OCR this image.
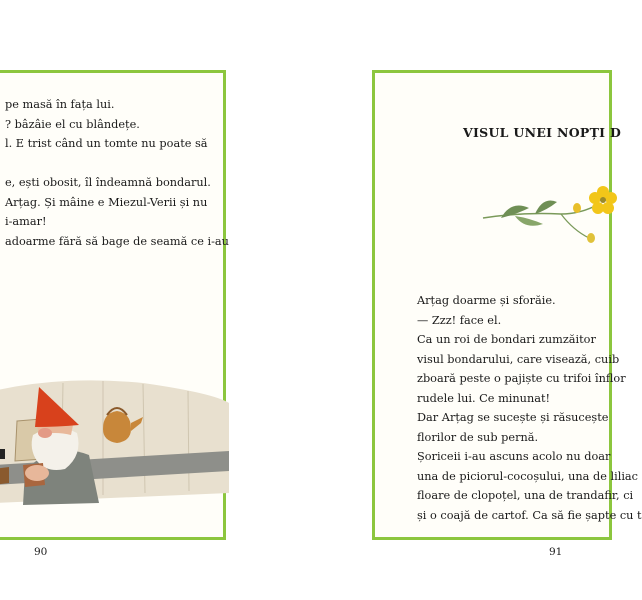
pe masă în fața lui.

? bâzâie el cu blândețe.

l. E trist când un tomte nu poate să

e, ești obosit, îl îndeamnă bondarul.

Arțag. Și mâine e Miezul-Verii și nu

i-amar!

adoarme fără să bage de seamă ce i-au

VISUL UNEI NOPȚI D

Arțag doarme și sforăie.

— Zzz! face el.

Ca un roi de bondari zumzăitor

visul bondarului, care visează, cuib

zboară peste o pajiște cu trifoi înflor

rudele lui. Ce minunat!

Dar Arțag se sucește și răsucește

florilor de sub pernă.

Șoriceii i-au ascuns acolo nu doar

una de piciorul-cocoșului, una de liliac

floare de clopoțel, una de trandafir, ci

și o coajă de cartof. Ca să fie șapte cu t

90	91
